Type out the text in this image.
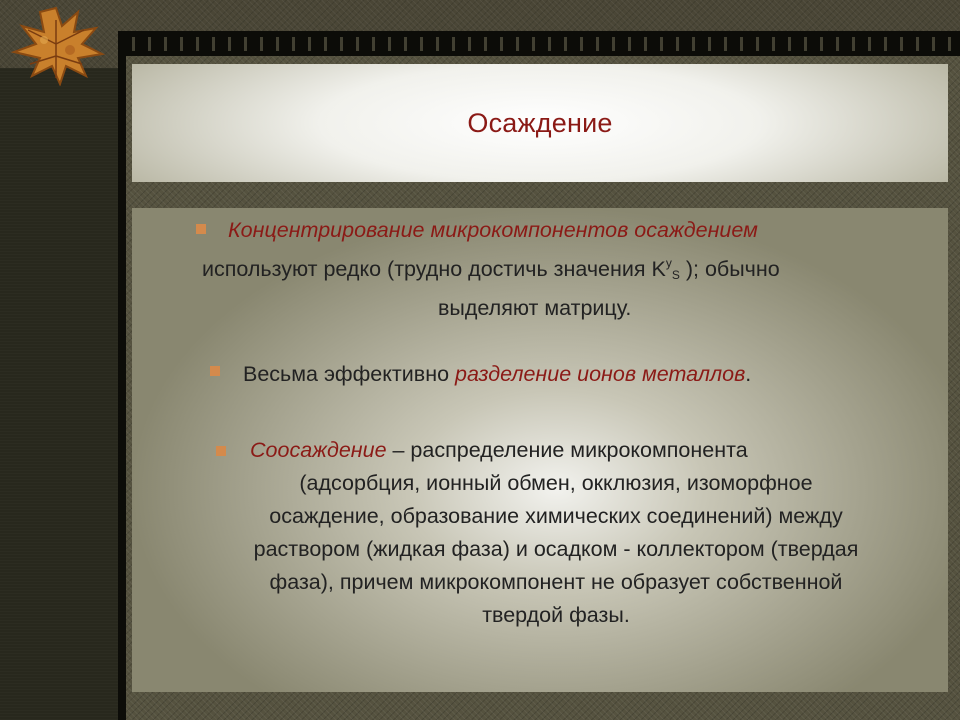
Осаждение
Концентрирование микрокомпонентов осаждением
используют редко (трудно достичь значения $K^y_S$ ); обычно
выделяют матрицу.
Весьма эффективно разделение ионов металлов.
Соосаждение – распределение микрокомпонента
(адсорбция, ионный обмен, окклюзия, изоморфное
осаждение, образование химических соединений) между
раствором (жидкая фаза) и осадком - коллектором (твердая
фаза), причем микрокомпонент не образует собственной
твердой фазы.
